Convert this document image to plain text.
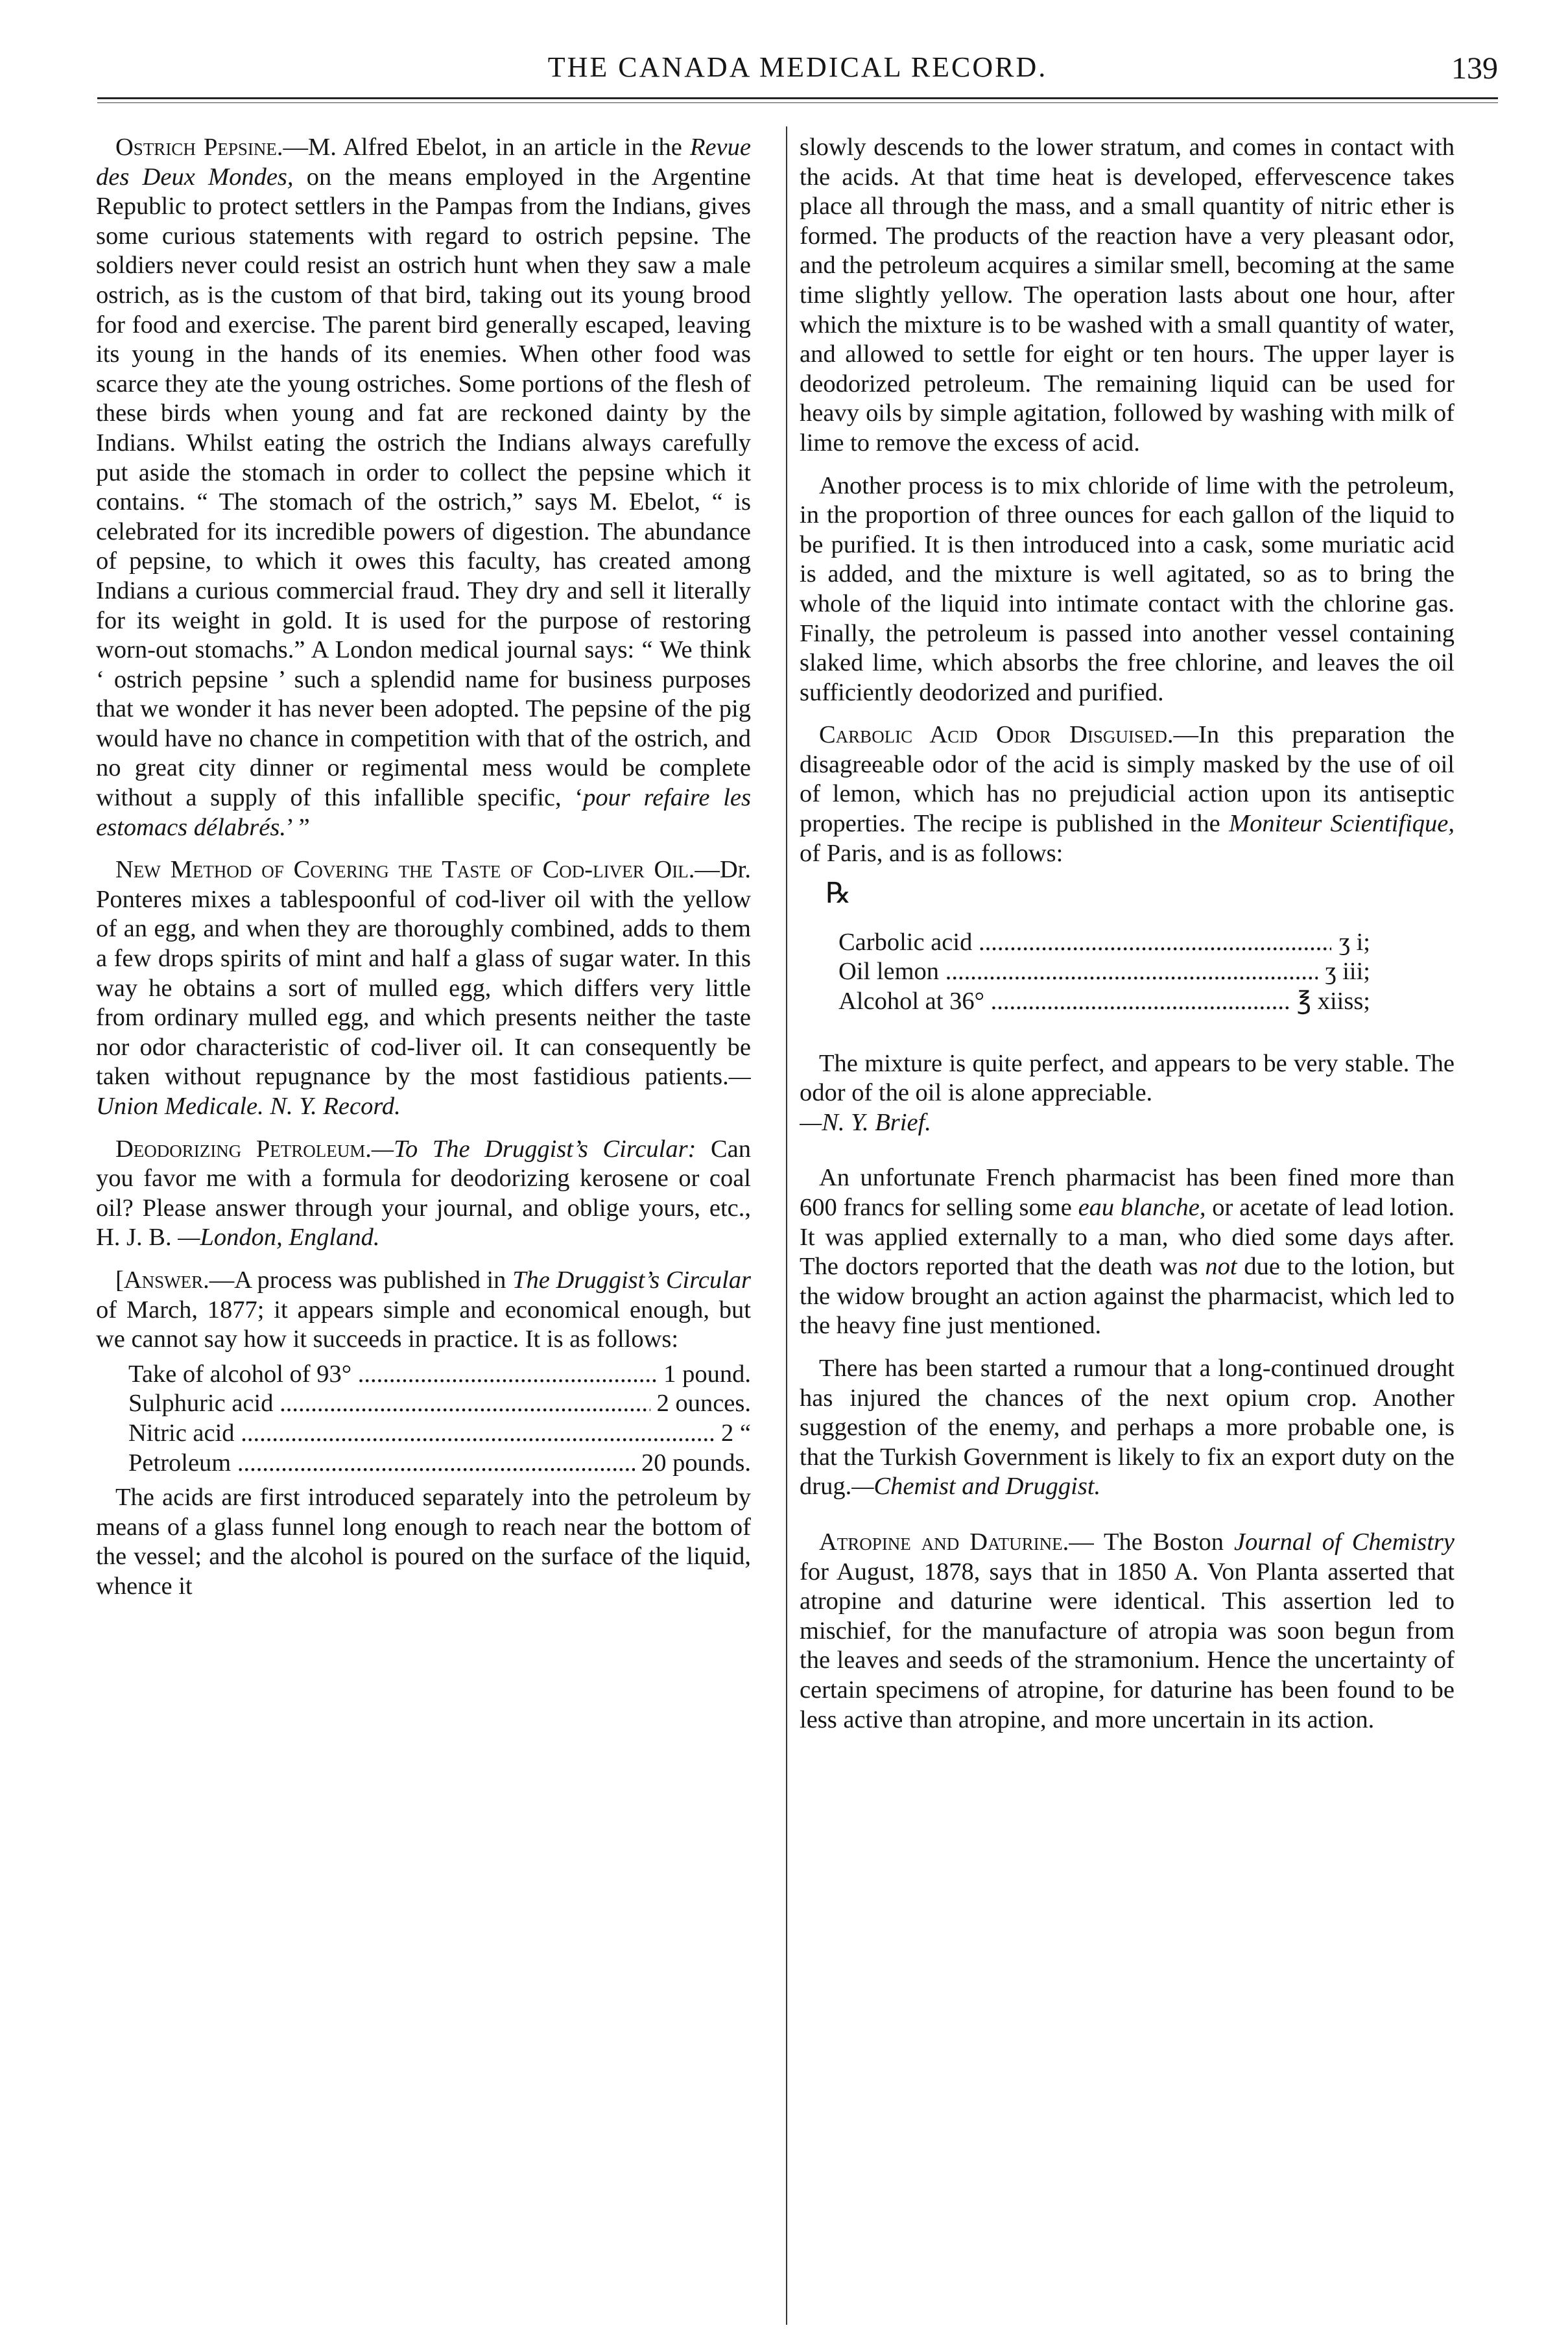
THE CANADA MEDICAL RECORD.	139

Ostrich Pepsine.—M. Alfred Ebelot, in an article in the Revue des Deux Mondes, on the means employed in the Argentine Republic to protect settlers in the Pampas from the Indians, gives some curious statements with regard to ostrich pepsine. The soldiers never could resist an ostrich hunt when they saw a male ostrich, as is the custom of that bird, taking out its young brood for food and exercise. The parent bird generally escaped, leaving its young in the hands of its enemies. When other food was scarce they ate the young ostriches. Some portions of the flesh of these birds when young and fat are reckoned dainty by the Indians. Whilst eating the ostrich the Indians always carefully put aside the stomach in order to collect the pepsine which it contains. “ The stomach of the ostrich,” says M. Ebelot, “ is celebrated for its incredible powers of digestion. The abundance of pepsine, to which it owes this faculty, has created among Indians a curious commercial fraud. They dry and sell it literally for its weight in gold. It is used for the purpose of restoring worn-out stomachs.” A London medical journal says: “ We think ‘ ostrich pepsine ’ such a splendid name for business purposes that we wonder it has never been adopted. The pepsine of the pig would have no chance in competition with that of the ostrich, and no great city dinner or regimental mess would be complete without a supply of this infallible specific, ‘pour refaire les estomacs délabrés.’ ”

New Method of Covering the Taste of Cod-liver Oil.—Dr. Ponteres mixes a tablespoonful of cod-liver oil with the yellow of an egg, and when they are thoroughly combined, adds to them a few drops spirits of mint and half a glass of sugar water. In this way he obtains a sort of mulled egg, which differs very little from ordinary mulled egg, and which presents neither the taste nor odor characteristic of cod-liver oil. It can consequently be taken without repugnance by the most fastidious patients.—Union Medicale. N. Y. Record.

Deodorizing Petroleum.—To The Druggist’s Circular: Can you favor me with a formula for deodorizing kerosene or coal oil? Please answer through your journal, and oblige yours, etc., H. J. B. —London, England.

[Answer.—A process was published in The Druggist’s Circular of March, 1877; it appears simple and economical enough, but we cannot say how it succeeds in practice. It is as follows:

Take of alcohol of 93° .....	1 pound.
Sulphuric acid .....	2 ounces.
Nitric acid .....	2 “
Petroleum .....	20 pounds.

The acids are first introduced separately into the petroleum by means of a glass funnel long enough to reach near the bottom of the vessel; and the alcohol is poured on the surface of the liquid, whence it

slowly descends to the lower stratum, and comes in contact with the acids. At that time heat is developed, effervescence takes place all through the mass, and a small quantity of nitric ether is formed. The products of the reaction have a very pleasant odor, and the petroleum acquires a similar smell, becoming at the same time slightly yellow. The operation lasts about one hour, after which the mixture is to be washed with a small quantity of water, and allowed to settle for eight or ten hours. The upper layer is deodorized petroleum. The remaining liquid can be used for heavy oils by simple agitation, followed by washing with milk of lime to remove the excess of acid.

Another process is to mix chloride of lime with the petroleum, in the proportion of three ounces for each gallon of the liquid to be purified. It is then introduced into a cask, some muriatic acid is added, and the mixture is well agitated, so as to bring the whole of the liquid into intimate contact with the chlorine gas. Finally, the petroleum is passed into another vessel containing slaked lime, which absorbs the free chlorine, and leaves the oil sufficiently deodorized and purified.

Carbolic Acid Odor Disguised.—In this preparation the disagreeable odor of the acid is simply masked by the use of oil of lemon, which has no prejudicial action upon its antiseptic properties. The recipe is published in the Moniteur Scientifique, of Paris, and is as follows:

℞
Carbolic acid .....	ʒ i;
Oil lemon .....	ʒ iii;
Alcohol at 36° .....	℥ xiiss;

The mixture is quite perfect, and appears to be very stable. The odor of the oil is alone appreciable.
—N. Y. Brief.

An unfortunate French pharmacist has been fined more than 600 francs for selling some eau blanche, or acetate of lead lotion. It was applied externally to a man, who died some days after. The doctors reported that the death was not due to the lotion, but the widow brought an action against the pharmacist, which led to the heavy fine just mentioned.

There has been started a rumour that a long-continued drought has injured the chances of the next opium crop. Another suggestion of the enemy, and perhaps a more probable one, is that the Turkish Government is likely to fix an export duty on the drug.—Chemist and Druggist.

Atropine and Daturine.— The Boston Journal of Chemistry for August, 1878, says that in 1850 A. Von Planta asserted that atropine and daturine were identical. This assertion led to mischief, for the manufacture of atropia was soon begun from the leaves and seeds of the stramonium. Hence the uncertainty of certain specimens of atropine, for daturine has been found to be less active than atropine, and more uncertain in its action.
